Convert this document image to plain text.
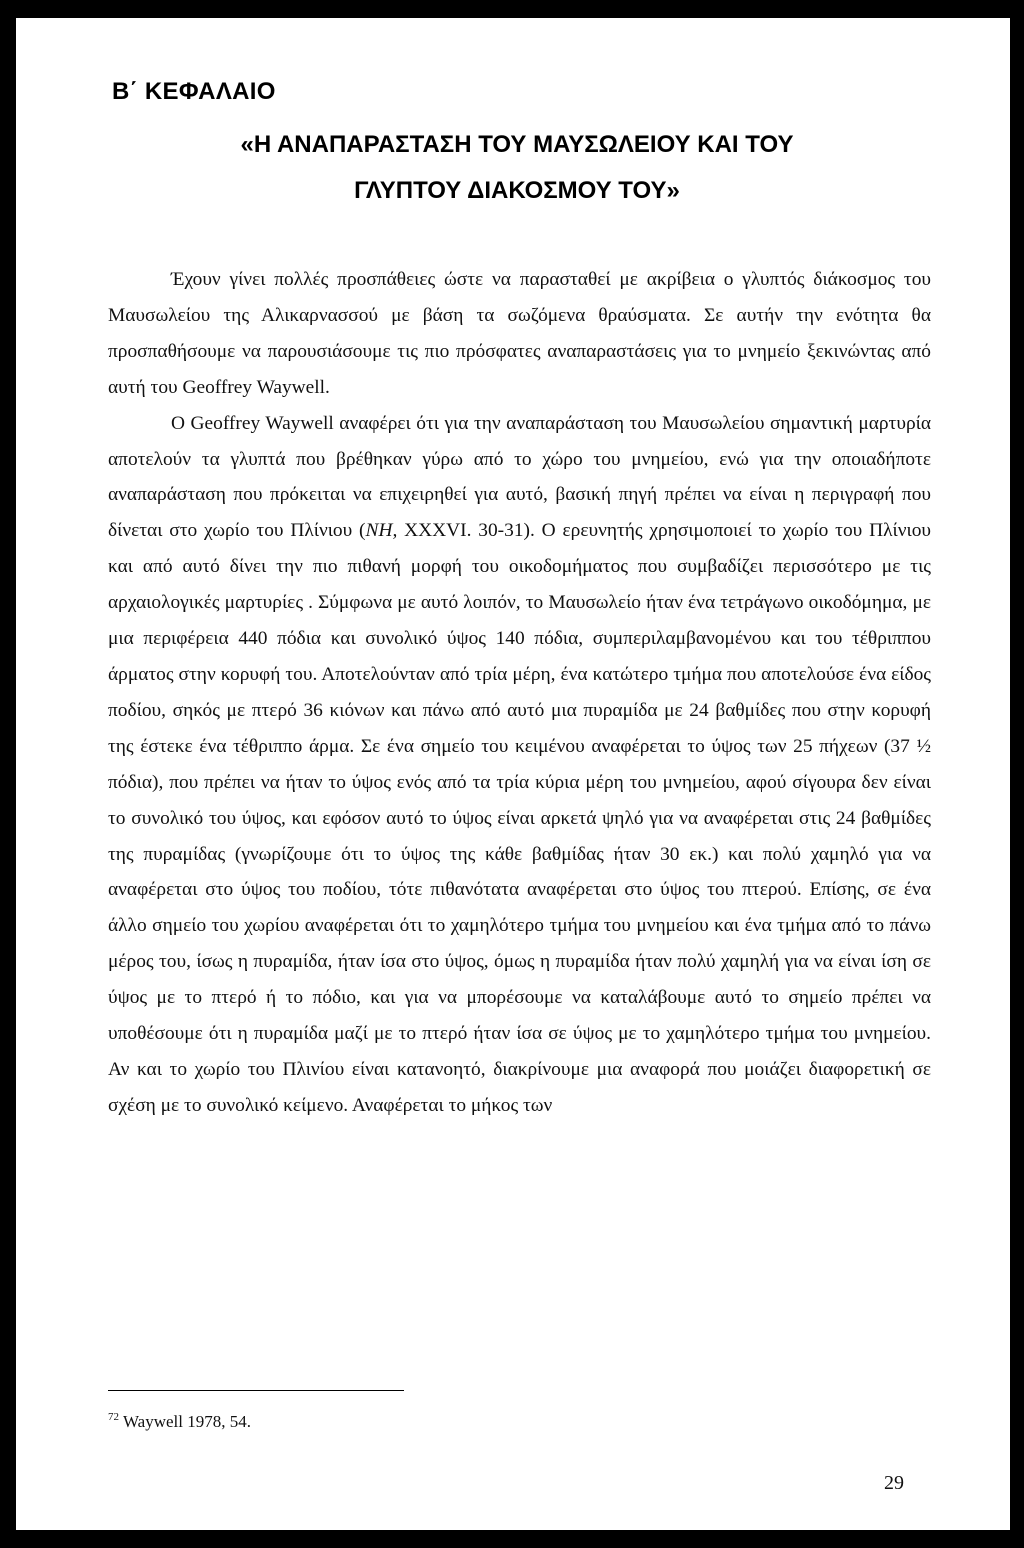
Β΄ ΚΕΦΑΛΑΙΟ
«Η ΑΝΑΠΑΡΑΣΤΑΣΗ ΤΟΥ ΜΑΥΣΩΛΕΙΟΥ ΚΑΙ ΤΟΥ
ΓΛΥΠΤΟΥ ΔΙΑΚΟΣΜΟΥ ΤΟΥ»

Έχουν γίνει πολλές προσπάθειες ώστε να παρασταθεί με ακρίβεια ο γλυπτός διάκοσμος του Μαυσωλείου της Αλικαρνασσού με βάση τα σωζόμενα θραύσματα. Σε αυτήν την ενότητα θα προσπαθήσουμε να παρουσιάσουμε τις πιο πρόσφατες αναπαραστάσεις για το μνημείο ξεκινώντας από αυτή του Geoffrey Waywell.

Ο Geoffrey Waywell αναφέρει ότι για την αναπαράσταση του Μαυσωλείου σημαντική μαρτυρία αποτελούν τα γλυπτά που βρέθηκαν γύρω από το χώρο του μνημείου, ενώ για την οποιαδήποτε αναπαράσταση που πρόκειται να επιχειρηθεί για αυτό, βασική πηγή πρέπει να είναι η περιγραφή που δίνεται στο χωρίο του Πλίνιου (ΝΗ, XXXVI. 30-31). Ο ερευνητής χρησιμοποιεί το χωρίο του Πλίνιου και από αυτό δίνει την πιο πιθανή μορφή του οικοδομήματος που συμβαδίζει περισσότερο με τις αρχαιολογικές μαρτυρίες . Σύμφωνα με αυτό λοιπόν, το Μαυσωλείο ήταν ένα τετράγωνο οικοδόμημα, με μια περιφέρεια 440 πόδια και συνολικό ύψος 140 πόδια, συμπεριλαμβανομένου και του τέθριππου άρματος στην κορυφή του. Αποτελούνταν από τρία μέρη, ένα κατώτερο τμήμα που αποτελούσε ένα είδος ποδίου, σηκός με πτερό 36 κιόνων και πάνω από αυτό μια πυραμίδα με 24 βαθμίδες που στην κορυφή της έστεκε ένα τέθριππο άρμα. Σε ένα σημείο του κειμένου αναφέρεται το ύψος των 25 πήχεων (37 ½ πόδια), που πρέπει να ήταν το ύψος ενός από τα τρία κύρια μέρη του μνημείου, αφού σίγουρα δεν είναι το συνολικό του ύψος, και εφόσον αυτό το ύψος είναι αρκετά ψηλό για να αναφέρεται στις 24 βαθμίδες της πυραμίδας (γνωρίζουμε ότι το ύψος της κάθε βαθμίδας ήταν 30 εκ.) και πολύ χαμηλό για να αναφέρεται στο ύψος του ποδίου, τότε πιθανότατα αναφέρεται στο ύψος του πτερού. Επίσης, σε ένα άλλο σημείο του χωρίου αναφέρεται ότι το χαμηλότερο τμήμα του μνημείου και ένα τμήμα από το πάνω μέρος του, ίσως η πυραμίδα, ήταν ίσα στο ύψος, όμως η πυραμίδα ήταν πολύ χαμηλή για να είναι ίση σε ύψος με το πτερό ή το πόδιο, και για να μπορέσουμε να καταλάβουμε αυτό το σημείο πρέπει να υποθέσουμε ότι η πυραμίδα μαζί με το πτερό ήταν ίσα σε ύψος με το χαμηλότερο τμήμα του μνημείου. Αν και το χωρίο του Πλινίου είναι κατανοητό, διακρίνουμε μια αναφορά που μοιάζει διαφορετική σε σχέση με το συνολικό κείμενο. Αναφέρεται το μήκος των

$^{72}$ Waywell 1978, 54.
29
